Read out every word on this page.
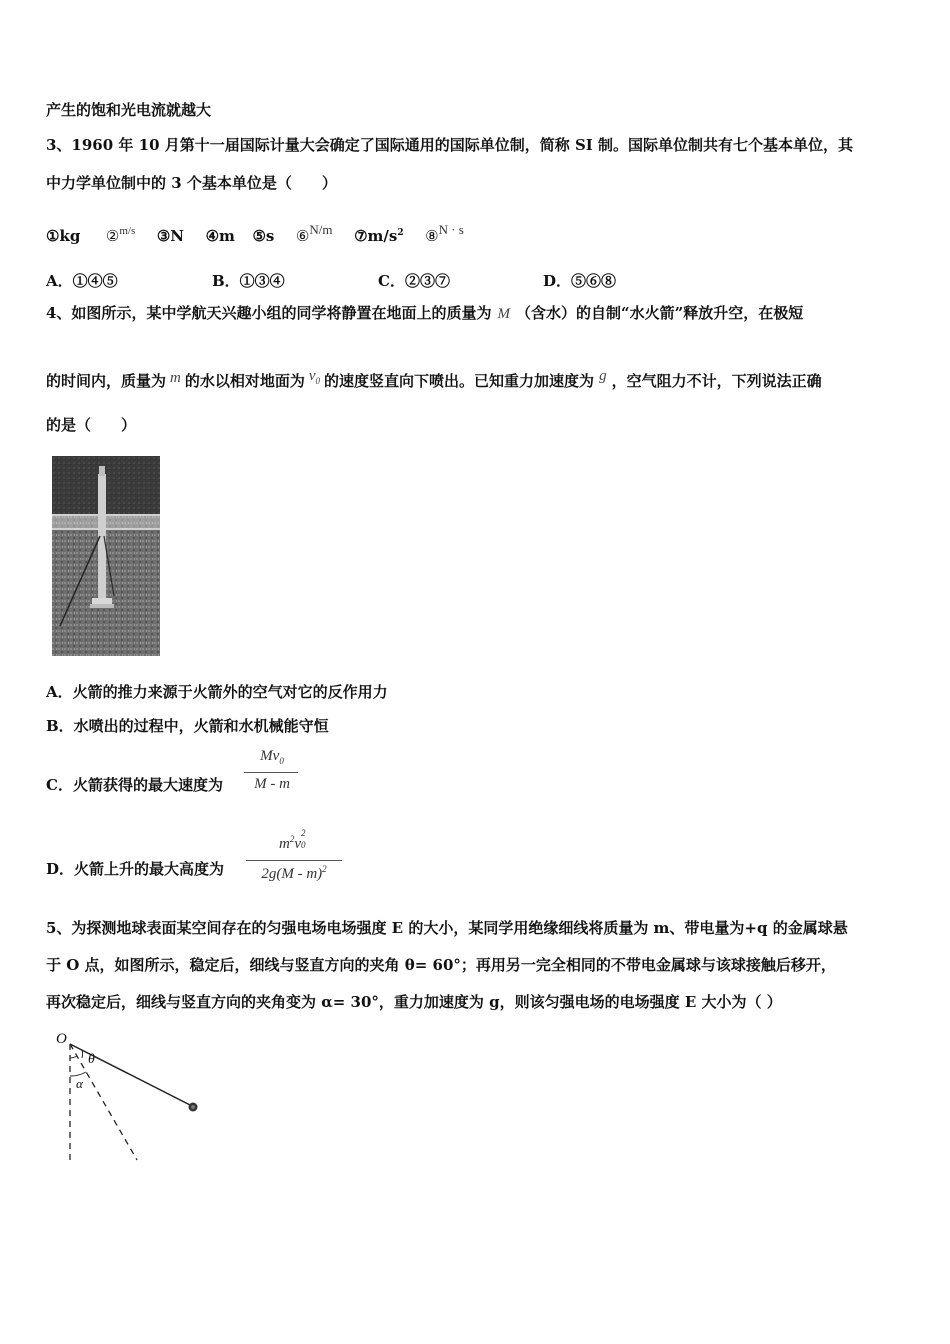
产生的饱和光电流就越大
3、1960 年 10 月第十一届国际计量大会确定了国际通用的国际单位制，简称 SI 制。国际单位制共有七个基本单位，其
中力学单位制中的 3 个基本单位是（　　）
①kg ②$^{m/s}$ ③N ④m ⑤s ⑥N/m $⑦m/s^2$ ⑧N · s
A．①④⑤	B．①③④	C．②③⑦	D．⑤⑥⑧
4、如图所示，某中学航天兴趣小组的同学将静置在地面上的质量为 M （含水）的自制“水火箭”释放升空，在极短
的时间内，质量为 m 的水以相对地面为 $v_0$ 的速度竖直向下喷出。已知重力加速度为 g ，空气阻力不计，下列说法正确
的是（　　）
A．火箭的推力来源于火箭外的空气对它的反作用力
B．水喷出的过程中，火箭和水机械能守恒
C．火箭获得的最大速度为
$Mv_0$
M - m
D．火箭上升的最大高度为
$m^2v$
2
0
2g(M - m)$^2$
5、为探测地球表面某空间存在的匀强电场电场强度 E 的大小，某同学用绝缘细线将质量为 m、带电量为+q 的金属球悬
于 O 点，如图所示，稳定后，细线与竖直方向的夹角 θ= 60°；再用另一完全相同的不带电金属球与该球接触后移开，
再次稳定后，细线与竖直方向的夹角变为 α= 30°，重力加速度为 g，则该匀强电场的电场强度 E 大小为（ ）
O
θ
α
